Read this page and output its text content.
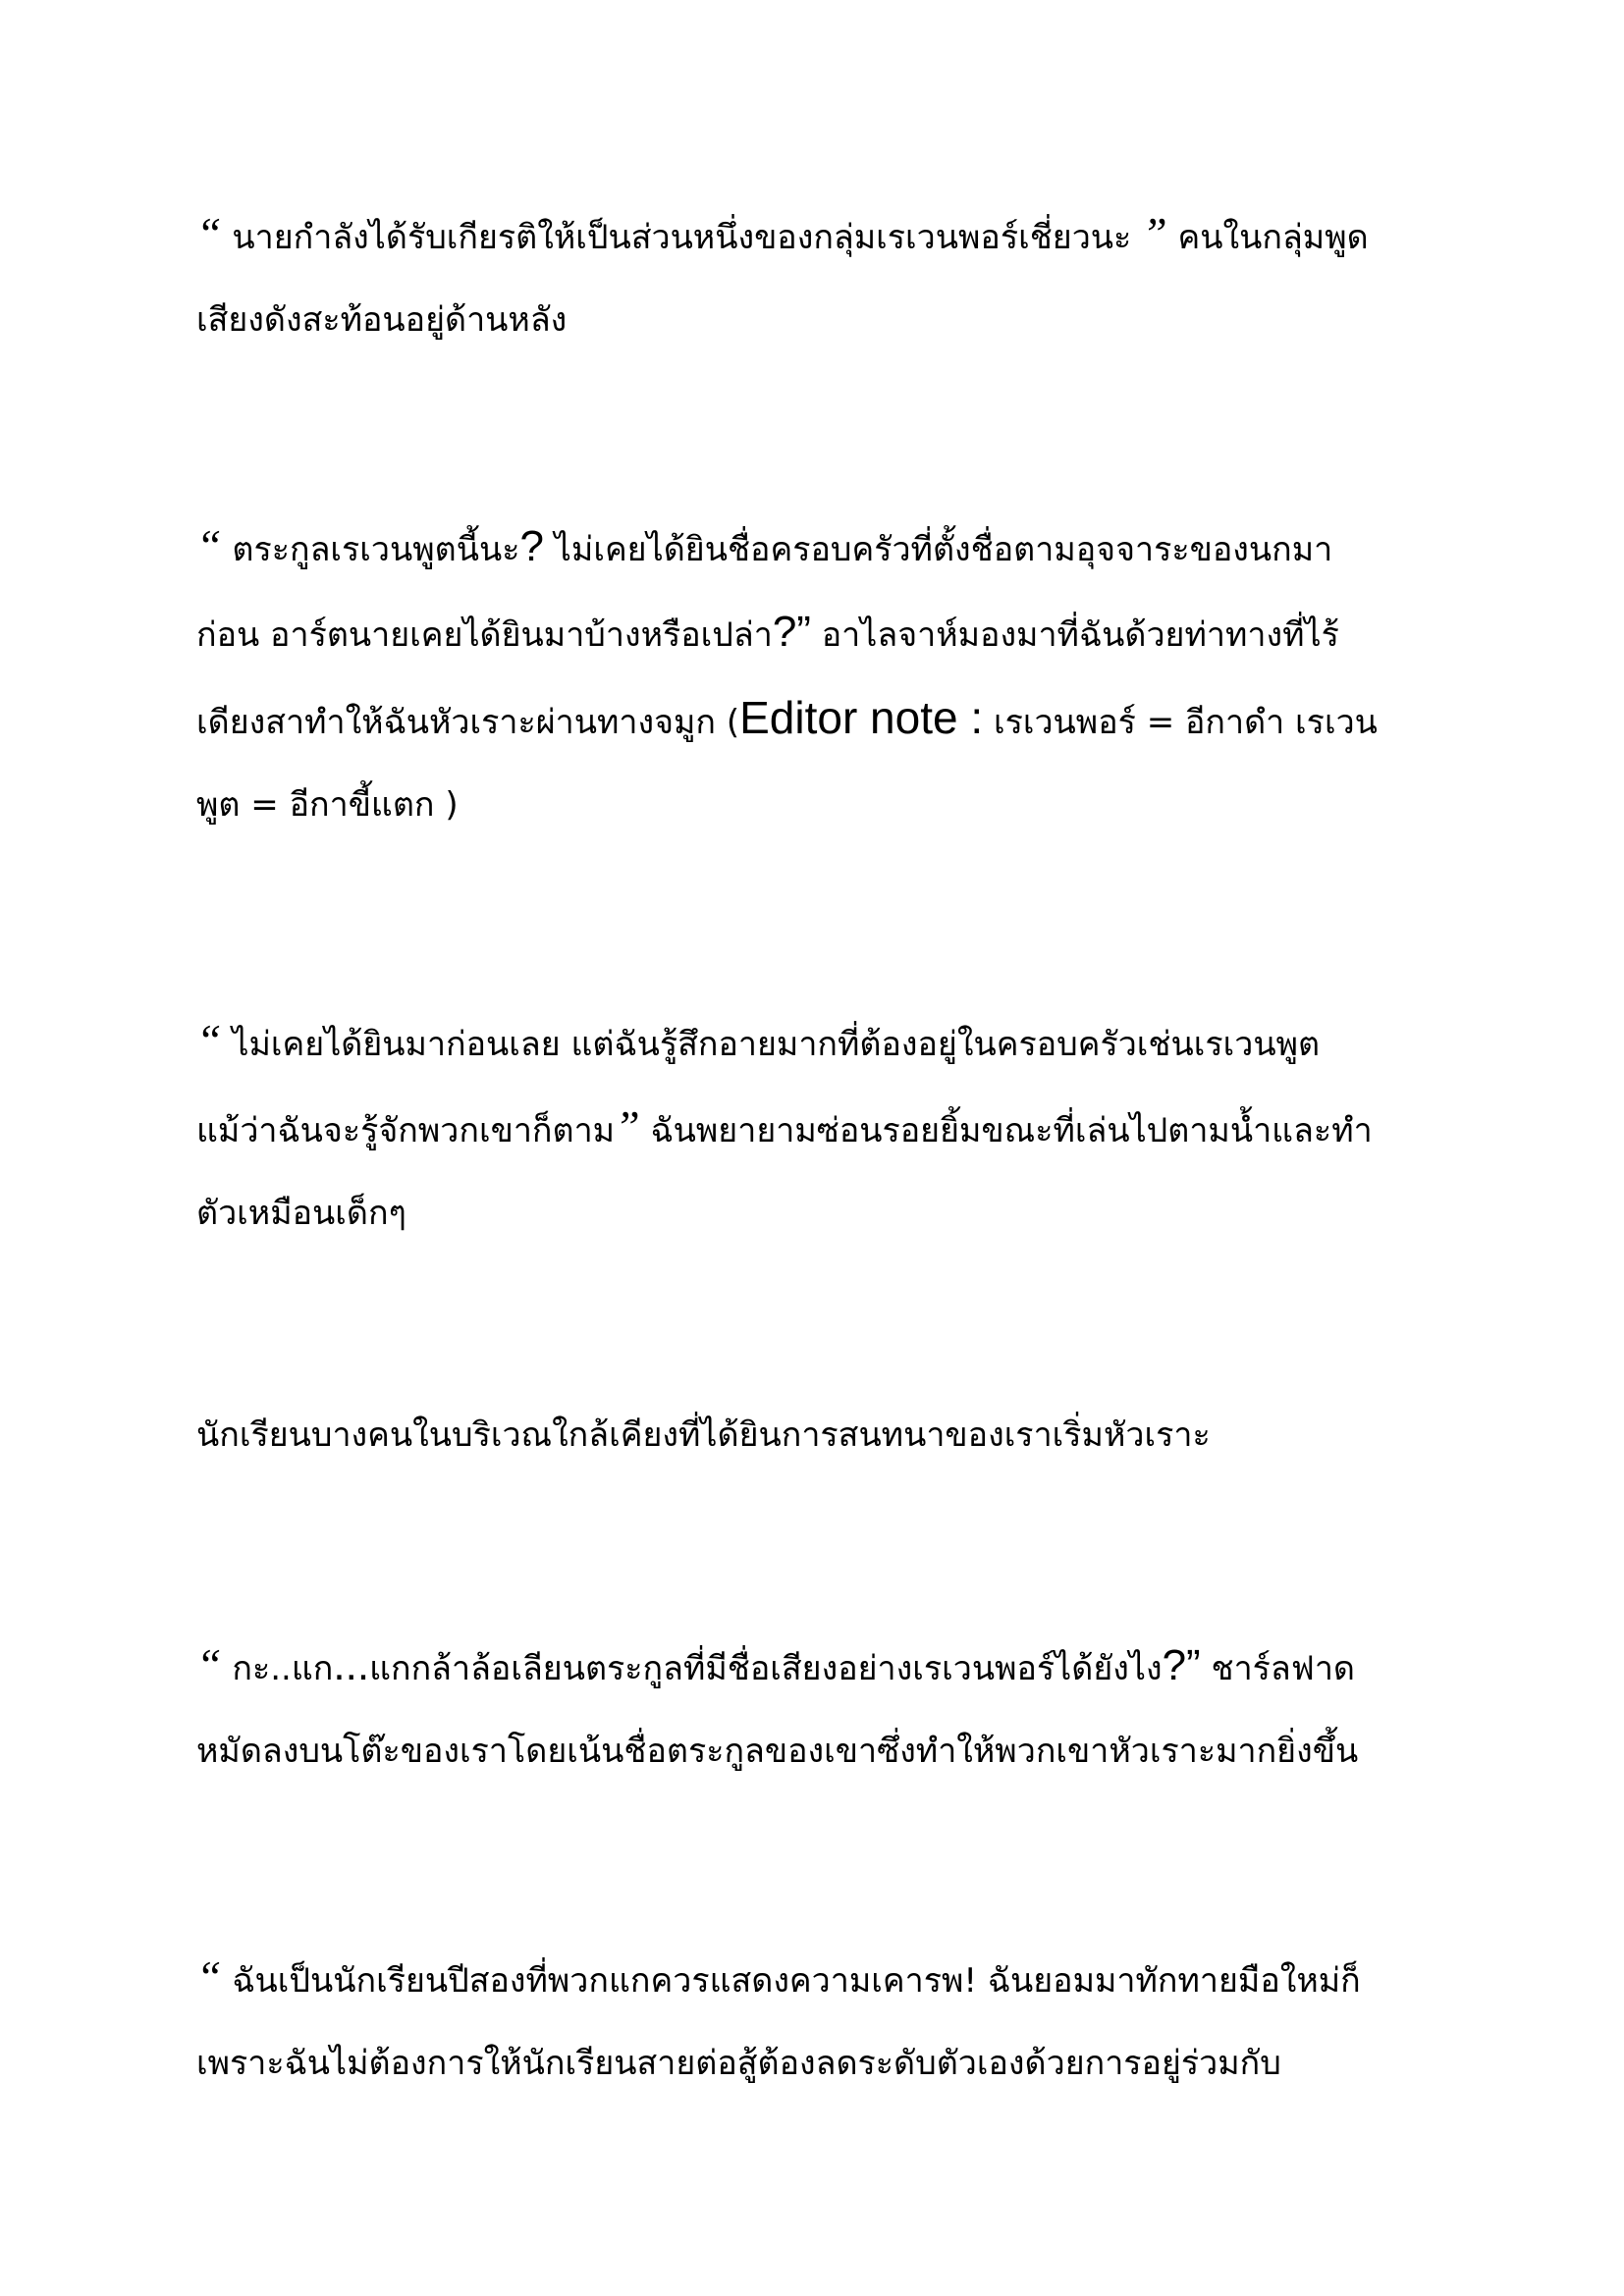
“ นายกำลังได้รับเกียรติให้เป็นส่วนหนึ่งของกลุ่มเรเวนพอร์เชี่ยวนะ ” คนในกลุ่มพูด
เสียงดังสะท้อนอยู่ด้านหลัง

“ ตระกูลเรเวนพูตนี้นะ? ไม่เคยได้ยินชื่อครอบครัวที่ตั้งชื่อตามอุจจาระของนกมา
ก่อน อาร์ตนายเคยได้ยินมาบ้างหรือเปล่า?” อาไลจาห์มองมาที่ฉันด้วยท่าทางที่ไร้
เดียงสาทำให้ฉันหัวเราะผ่านทางจมูก (Editor note : เรเวนพอร์ = อีกาดำ เรเวน
พูต = อีกาขี้แตก )

“ ไม่เคยได้ยินมาก่อนเลย แต่ฉันรู้สึกอายมากที่ต้องอยู่ในครอบครัวเช่นเรเวนพูต
แม้ว่าฉันจะรู้จักพวกเขาก็ตาม” ฉันพยายามซ่อนรอยยิ้มขณะที่เล่นไปตามน้ำและทำ
ตัวเหมือนเด็กๆ

นักเรียนบางคนในบริเวณใกล้เคียงที่ได้ยินการสนทนาของเราเริ่มหัวเราะ

“ กะ..แก...แกกล้าล้อเลียนตระกูลที่มีชื่อเสียงอย่างเรเวนพอร์ได้ยังไง?” ชาร์ลฟาด
หมัดลงบนโต๊ะของเราโดยเน้นชื่อตระกูลของเขาซึ่งทำให้พวกเขาหัวเราะมากยิ่งขึ้น

“ ฉันเป็นนักเรียนปีสองที่พวกแกควรแสดงความเคารพ! ฉันยอมมาทักทายมือใหม่ก็
เพราะฉันไม่ต้องการให้นักเรียนสายต่อสู้ต้องลดระดับตัวเองด้วยการอยู่ร่วมกับ
